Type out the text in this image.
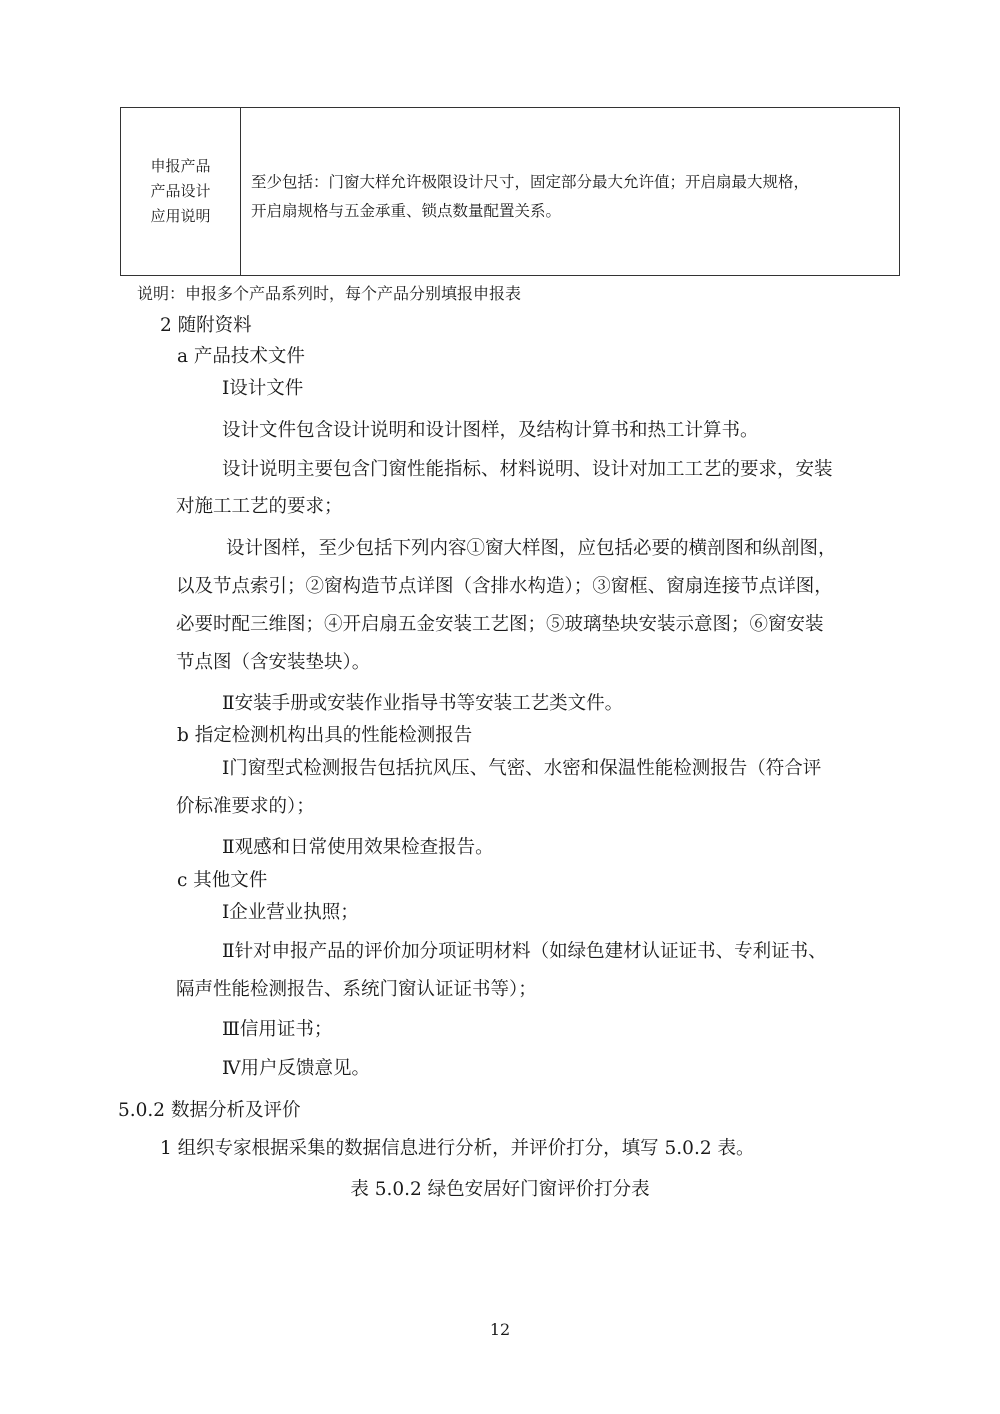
申报产品
产品设计
应用说明
至少包括：门窗大样允许极限设计尺寸，固定部分最大允许值；开启扇最大规格，
开启扇规格与五金承重、锁点数量配置关系。
说明：申报多个产品系列时，每个产品分别填报申报表
2 随附资料
a 产品技术文件
Ⅰ设计文件
设计文件包含设计说明和设计图样，及结构计算书和热工计算书。
设计说明主要包含门窗性能指标、材料说明、设计对加工工艺的要求，安装
对施工工艺的要求；
设计图样，至少包括下列内容①窗大样图，应包括必要的横剖图和纵剖图，
以及节点索引；②窗构造节点详图（含排水构造）；③窗框、窗扇连接节点详图，
必要时配三维图；④开启扇五金安装工艺图；⑤玻璃垫块安装示意图；⑥窗安装
节点图（含安装垫块）。
Ⅱ安装手册或安装作业指导书等安装工艺类文件。
b 指定检测机构出具的性能检测报告
Ⅰ门窗型式检测报告包括抗风压、气密、水密和保温性能检测报告（符合评
价标准要求的）；
Ⅱ观感和日常使用效果检查报告。
c 其他文件
Ⅰ企业营业执照；
Ⅱ针对申报产品的评价加分项证明材料（如绿色建材认证证书、专利证书、
隔声性能检测报告、系统门窗认证证书等）；
Ⅲ信用证书；
Ⅳ用户反馈意见。
5.0.2 数据分析及评价
1 组织专家根据采集的数据信息进行分析，并评价打分，填写 5.0.2 表。
表 5.0.2 绿色安居好门窗评价打分表
12
